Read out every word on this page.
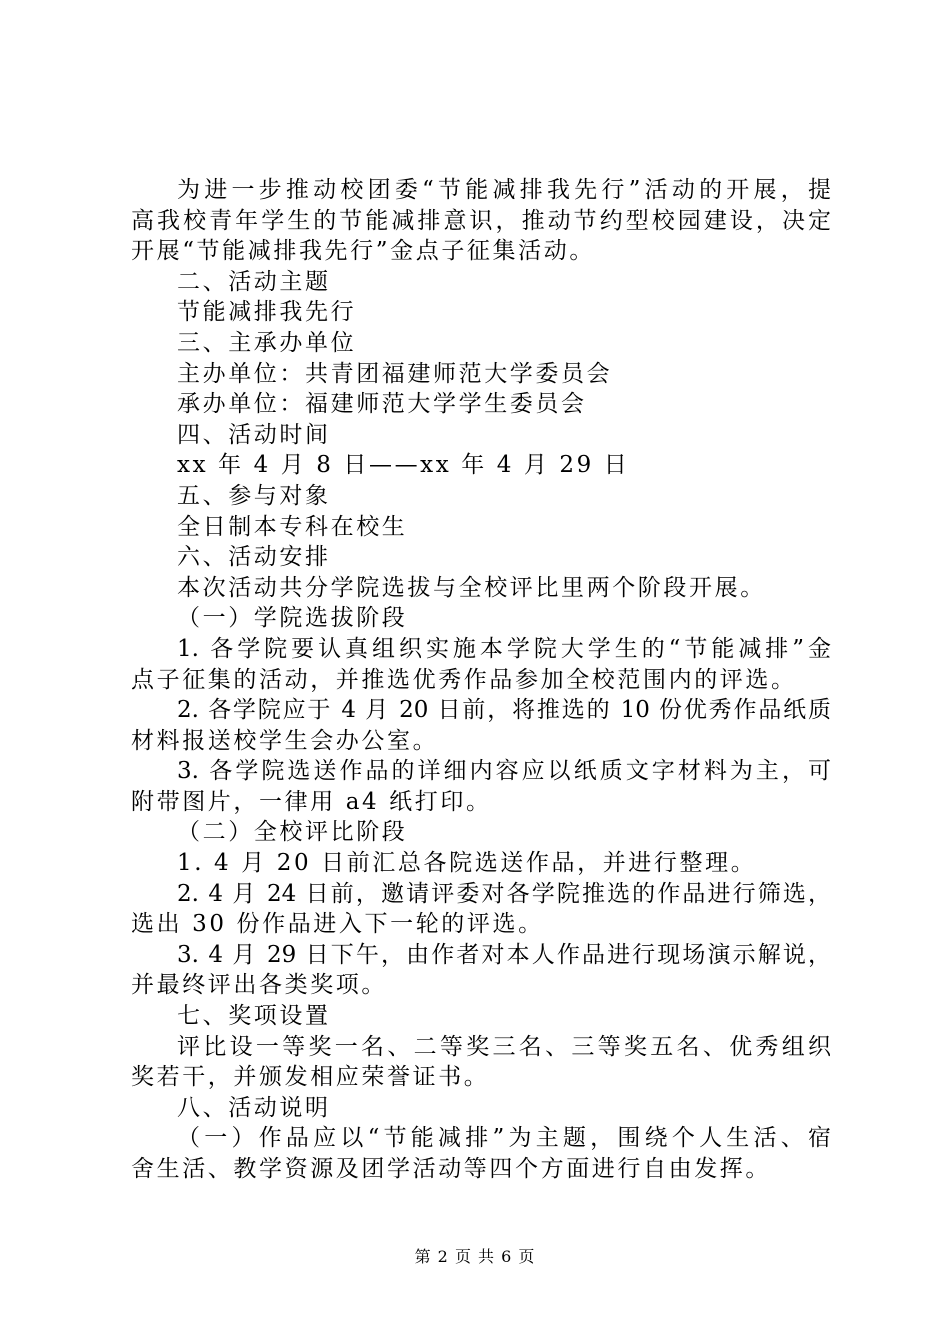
为进一步推动校团委“节能减排我先行”活动的开展，提
高我校青年学生的节能减排意识，推动节约型校园建设，决定
开展“节能减排我先行”金点子征集活动。
二、活动主题
节能减排我先行
三、主承办单位
主办单位：共青团福建师范大学委员会
承办单位：福建师范大学学生委员会
四、活动时间
xx 年 4 月 8 日——xx 年 4 月 29 日
五、参与对象
全日制本专科在校生
六、活动安排
本次活动共分学院选拔与全校评比里两个阶段开展。
（一）学院选拔阶段
1. 各学院要认真组织实施本学院大学生的“节能减排”金
点子征集的活动，并推选优秀作品参加全校范围内的评选。
2. 各学院应于 4 月 20 日前，将推选的 10 份优秀作品纸质
材料报送校学生会办公室。
3. 各学院选送作品的详细内容应以纸质文字材料为主，可
附带图片，一律用 a4 纸打印。
（二）全校评比阶段
1. 4 月 20 日前汇总各院选送作品，并进行整理。
2. 4 月 24 日前，邀请评委对各学院推选的作品进行筛选，
选出 30 份作品进入下一轮的评选。
3. 4 月 29 日下午，由作者对本人作品进行现场演示解说，
并最终评出各类奖项。
七、奖项设置
评比设一等奖一名、二等奖三名、三等奖五名、优秀组织
奖若干，并颁发相应荣誉证书。
八、活动说明
（一）作品应以“节能减排”为主题，围绕个人生活、宿
舍生活、教学资源及团学活动等四个方面进行自由发挥。
第 2 页 共 6 页
